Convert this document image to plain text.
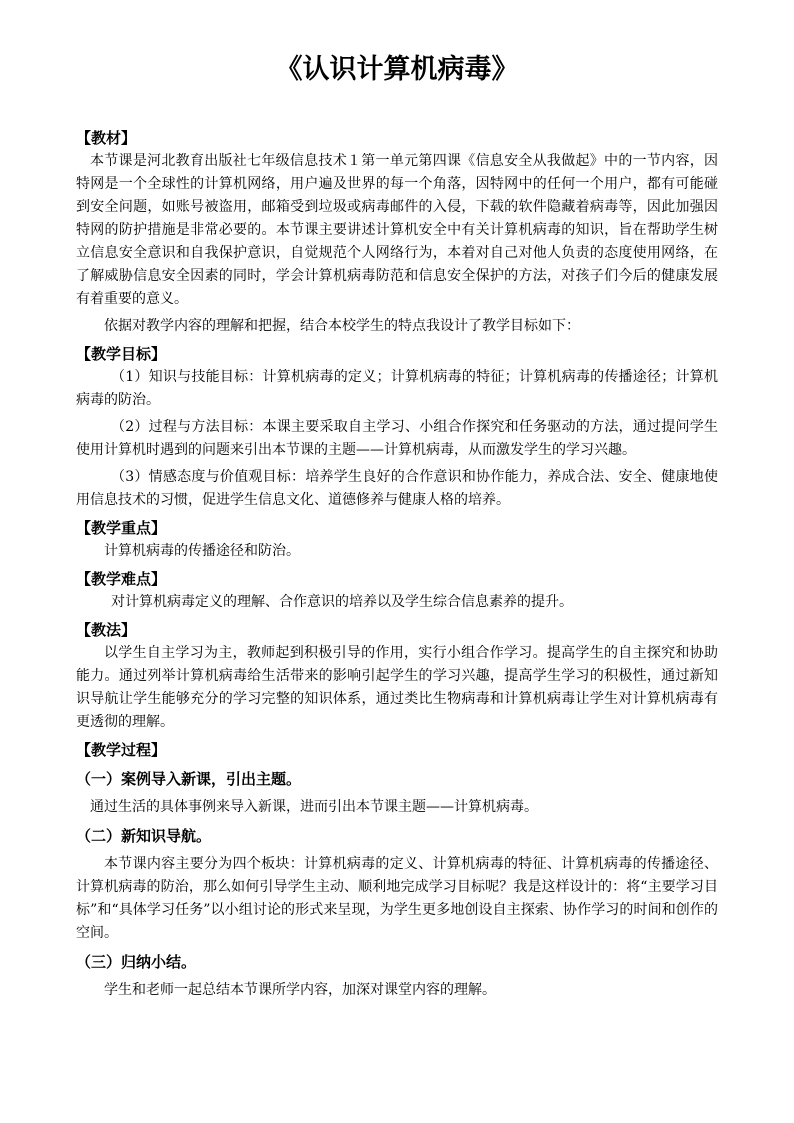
《认识计算机病毒》

【教材】

本节课是河北教育出版社七年级信息技术１第一单元第四课《信息安全从我做起》中的一节内容，因特网是一个全球性的计算机网络，用户遍及世界的每一个角落，因特网中的任何一个用户，都有可能碰到安全问题，如账号被盗用，邮箱受到垃圾或病毒邮件的入侵，下载的软件隐藏着病毒等，因此加强因特网的防护措施是非常必要的。本节课主要讲述计算机安全中有关计算机病毒的知识，旨在帮助学生树立信息安全意识和自我保护意识，自觉规范个人网络行为，本着对自己对他人负责的态度使用网络，在了解威胁信息安全因素的同时，学会计算机病毒防范和信息安全保护的方法，对孩子们今后的健康发展有着重要的意义。

依据对教学内容的理解和把握，结合本校学生的特点我设计了教学目标如下：

【教学目标】

（1）知识与技能目标：计算机病毒的定义；计算机病毒的特征；计算机病毒的传播途径；计算机病毒的防治。

（2）过程与方法目标：本课主要采取自主学习、小组合作探究和任务驱动的方法，通过提问学生使用计算机时遇到的问题来引出本节课的主题——计算机病毒，从而激发学生的学习兴趣。

（3）情感态度与价值观目标：培养学生良好的合作意识和协作能力，养成合法、安全、健康地使用信息技术的习惯，促进学生信息文化、道德修养与健康人格的培养。

【教学重点】

计算机病毒的传播途径和防治。

【教学难点】

对计算机病毒定义的理解、合作意识的培养以及学生综合信息素养的提升。

【教法】

以学生自主学习为主，教师起到积极引导的作用，实行小组合作学习。提高学生的自主探究和协助能力。通过列举计算机病毒给生活带来的影响引起学生的学习兴趣，提高学生学习的积极性，通过新知识导航让学生能够充分的学习完整的知识体系，通过类比生物病毒和计算机病毒让学生对计算机病毒有更透彻的理解。

【教学过程】

（一）案例导入新课，引出主题。

通过生活的具体事例来导入新课，进而引出本节课主题——计算机病毒。

（二）新知识导航。

本节课内容主要分为四个板块：计算机病毒的定义、计算机病毒的特征、计算机病毒的传播途径、计算机病毒的防治，那么如何引导学生主动、顺利地完成学习目标呢？我是这样设计的：将“主要学习目标”和“具体学习任务”以小组讨论的形式来呈现，为学生更多地创设自主探索、协作学习的时间和创作的空间。

（三）归纳小结。

学生和老师一起总结本节课所学内容，加深对课堂内容的理解。
